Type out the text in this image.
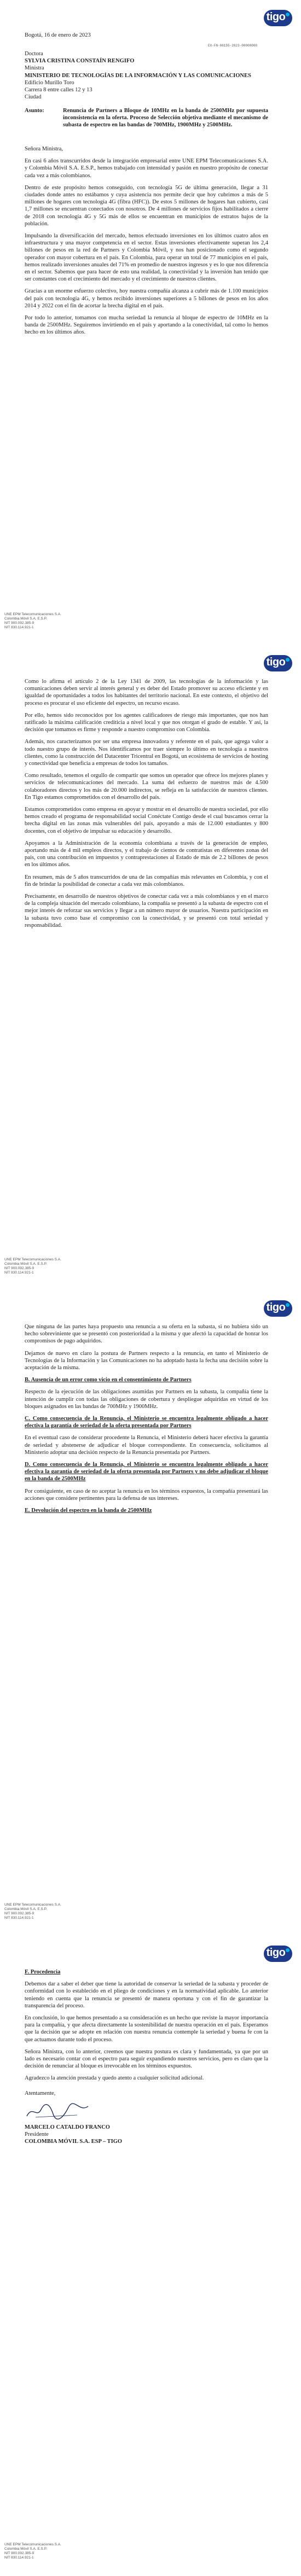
tigo

Bogotá, 16 de enero de 2023

EX-FN-06155-2023-00000000

Doctora

SYLVIA CRISTINA CONSTAÍN RENGIFO

Ministra

MINISTERIO DE TECNOLOGÍAS DE LA INFORMACIÓN Y LAS COMUNICACIONES

Edificio Murillo Toro

Carrera 8 entre calles 12 y 13

Ciudad

Asunto:	Renuncia de Partners a Bloque de 10MHz en la banda de 2500MHz por supuesta inconsistencia en la oferta. Proceso de Selección objetiva mediante el mecanismo de subasta de espectro en las bandas de 700MHz, 1900MHz y 2500MHz.

Señora Ministra,

En casi 6 años transcurridos desde la integración empresarial entre UNE EPM Telecomunicaciones S.A. y Colombia Móvil S.A. E.S.P., hemos trabajado con intensidad y pasión en nuestro propósito de conectar cada vez a más colombianos.

Dentro de este propósito hemos conseguido, con tecnología 5G de última generación, llegar a 31 ciudades donde antes no estábamos y cuya asistencia nos permite decir que hoy cubrimos a más de 5 millones de hogares con tecnología 4G (fibra (HFC)). De estos 5 millones de hogares han cubierto, casi 1,7 millones se encuentran conectados con nosotros. De 4 millones de servicios fijos habilitados a cierre de 2018 con tecnología 4G y 5G más de ellos se encuentran en municipios de estratos bajos de la población.

Impulsando la diversificación del mercado, hemos efectuado inversiones en los últimos cuatro años en infraestructura y una mayor competencia en el sector. Estas inversiones efectivamente superan los 2,4 billones de pesos en la red de Partners y Colombia Móvil, y nos han posicionado como el segundo operador con mayor cobertura en el país. En Colombia, para operar un total de 77 municipios en el país, hemos realizado inversiones anuales del 71% en promedio de nuestros ingresos y es lo que nos diferencia en el sector. Sabemos que para hacer de esto una realidad, la conectividad y la inversión han tenido que ser constantes con el crecimiento del mercado y el crecimiento de nuestros clientes.

Gracias a un enorme esfuerzo colectivo, hoy nuestra compañía alcanza a cubrir más de 1.100 municipios del país con tecnología 4G, y hemos recibido inversiones superiores a 5 billones de pesos en los años 2014 y 2022 con el fin de acortar la brecha digital en el país.

Por todo lo anterior, tomamos con mucha seriedad la renuncia al bloque de espectro de 10MHz en la banda de 2500MHz. Seguiremos invirtiendo en el país y aportando a la conectividad, tal como lo hemos hecho en los últimos años.

UNE EPM Telecomunicaciones S.A.
Colombia Móvil S.A. E.S.P.
NIT 900.092.385-9
NIT 830.114.921-1
tigo

Como lo afirma el artículo 2 de la Ley 1341 de 2009, las tecnologías de la información y las comunicaciones deben servir al interés general y es deber del Estado promover su acceso eficiente y en igualdad de oportunidades a todos los habitantes del territorio nacional. En este contexto, el objetivo del proceso es procurar el uso eficiente del espectro, un recurso escaso.

Por ello, hemos sido reconocidos por los agentes calificadores de riesgo más importantes, que nos han ratificado la máxima calificación crediticia a nivel local y que nos otorgan el grado de estable. Y así, la decisión que tomamos es firme y responde a nuestro compromiso con Colombia.

Además, nos caracterizamos por ser una empresa innovadora y referente en el país, que agrega valor a todo nuestro grupo de interés. Nos identificamos por traer siempre lo último en tecnología a nuestros clientes, como la construcción del Datacenter Tricentral en Bogotá, un ecosistema de servicios de hosting y conectividad que beneficia a empresas de todos los tamaños.

Como resultado, tenemos el orgullo de compartir que somos un operador que ofrece los mejores planes y servicios de telecomunicaciones del mercado. La suma del esfuerzo de nuestros más de 4.500 colaboradores directos y los más de 20.000 indirectos, se refleja en la satisfacción de nuestros clientes. En Tigo estamos comprometidos con el desarrollo del país.

Estamos comprometidos como empresa en apoyar y mostrar en el desarrollo de nuestra sociedad, por ello hemos creado el programa de responsabilidad social Conéctate Contigo desde el cual buscamos cerrar la brecha digital en las zonas más vulnerables del país, apoyando a más de 12.000 estudiantes y 800 docentes, con el objetivo de impulsar su educación y desarrollo.

Apoyamos a la Administración de la economía colombiana a través de la generación de empleo, aportando más de 4 mil empleos directos, y el trabajo de cientos de contratistas en diferentes zonas del país, con una contribución en impuestos y contraprestaciones al Estado de más de 2.2 billones de pesos en los últimos años.

En resumen, más de 5 años transcurridos de una de las compañías más relevantes en Colombia, y con el fin de brindar la posibilidad de conectar a cada vez más colombianos.

Precisamente, en desarrollo de nuestros objetivos de conectar cada vez a más colombianos y en el marco de la compleja situación del mercado colombiano, la compañía se presentó a la subasta de espectro con el mejor interés de reforzar sus servicios y llegar a un número mayor de usuarios. Nuestra participación en la subasta tuvo como base el compromiso con la conectividad, y se presentó con total seriedad y responsabilidad.

UNE EPM Telecomunicaciones S.A.
Colombia Móvil S.A. E.S.P.
NIT 900.092.385-9
NIT 830.114.921-1
tigo

Que ninguna de las partes haya propuesto una renuncia a su oferta en la subasta, si no hubiera sido un hecho sobreviniente que se presentó con posterioridad a la misma y que afectó la capacidad de honrar los compromisos de pago adquiridos.

Dejamos de nuevo en claro la postura de Partners respecto a la renuncia, en tanto el Ministerio de Tecnologías de la Información y las Comunicaciones no ha adoptado hasta la fecha una decisión sobre la aceptación de la misma.

B. Ausencia de un error como vicio en el consentimiento de Partners

Respecto de la ejecución de las obligaciones asumidas por Partners en la subasta, la compañía tiene la intención de cumplir con todas las obligaciones de cobertura y despliegue adquiridas en virtud de los bloques asignados en las bandas de 700MHz y 1900MHz.

C. Como consecuencia de la Renuncia, el Ministerio se encuentra legalmente obligado a hacer efectiva la garantía de seriedad de la oferta presentada por Partners

En el eventual caso de considerar procedente la Renuncia, el Ministerio deberá hacer efectiva la garantía de seriedad y abstenerse de adjudicar el bloque correspondiente. En consecuencia, solicitamos al Ministerio adoptar una decisión respecto de la Renuncia presentada por Partners.

D. Como consecuencia de la Renuncia, el Ministerio se encuentra legalmente obligado a hacer efectiva la garantía de seriedad de la oferta presentada por Partners y no debe adjudicar el bloque en la banda de 2500MHz

Por consiguiente, en caso de no aceptar la renuncia en los términos expuestos, la compañía presentará las acciones que considere pertinentes para la defensa de sus intereses.

E. Devolución del espectro en la banda de 2500MHz

UNE EPM Telecomunicaciones S.A.
Colombia Móvil S.A. E.S.P.
NIT 900.092.385-9
NIT 830.114.921-1
tigo

F. Procedencia

Debemos dar a saber el deber que tiene la autoridad de conservar la seriedad de la subasta y proceder de conformidad con lo establecido en el pliego de condiciones y en la normatividad aplicable. Lo anterior teniendo en cuenta que la renuncia se presentó de manera oportuna y con el fin de garantizar la transparencia del proceso.

En conclusión, lo que hemos presentado a su consideración es un hecho que reviste la mayor importancia para la compañía, y que afecta directamente la sostenibilidad de nuestra operación en el país. Esperamos que la decisión que se adopte en relación con nuestra renuncia contemple la seriedad y buena fe con la que actuamos durante todo el proceso.

Señora Ministra, con lo anterior, creemos que nuestra postura es clara y fundamentada, ya que por un lado es necesario contar con el espectro para seguir expandiendo nuestros servicios, pero es claro que la decisión de renunciar al bloque es irrevocable en los términos expuestos.

Agradezco la atención prestada y quedo atento a cualquier solicitud adicional.

Atentamente,

MARCELO CATALDO FRANCO

Presidente

COLOMBIA MÓVIL S.A. ESP – TIGO

UNE EPM Telecomunicaciones S.A.
Colombia Móvil S.A. E.S.P.
NIT 900.092.385-9
NIT 830.114.921-1
